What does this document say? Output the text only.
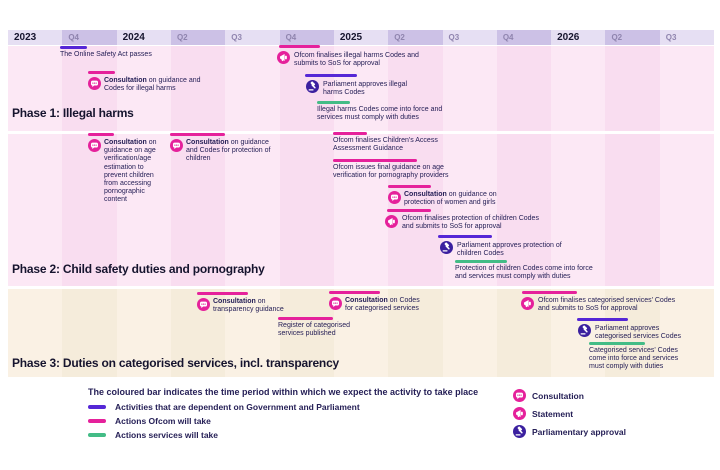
2023	Q4	2024	Q2	Q3	Q4	2025	Q2	Q3	Q4	2026	Q2	Q3
Phase 1: Illegal harms
The Online Safety Act passes
Consultation on guidance and Codes for illegal harms
Ofcom finalises illegal harms Codes and submits to SoS for approval
Parliament approves illegal harms Codes
Illegal harms Codes come into force and services must comply with duties
Phase 2: Child safety duties and pornography
Consultation on guidance on age verification/age estimation to prevent children from accessing pornographic content
Consultation on guidance and Codes for protection of children
Ofcom finalises Children's Access Assessment Guidance
Ofcom issues final guidance on age verification for pornography providers
Consultation on guidance on protection of women and girls
Ofcom finalises protection of children Codes and submits to SoS for approval
Parliament approves protection of children Codes
Protection of children Codes come into force and services must comply with duties
Phase 3: Duties on categorised services, incl. transparency
Consultation on transparency guidance
Register of categorised services published
Consultation on Codes for categorised services
Ofcom finalises categorised services' Codes and submits to SoS for approval
Parliament approves categorised services Codes
Categorised services' Codes come into force and services must comply with duties
The coloured bar indicates the time period within which we expect the activity to take place
Activities that are dependent on Government and Parliament
Actions Ofcom will take
Actions services will take
Consultation
Statement
Parliamentary approval
